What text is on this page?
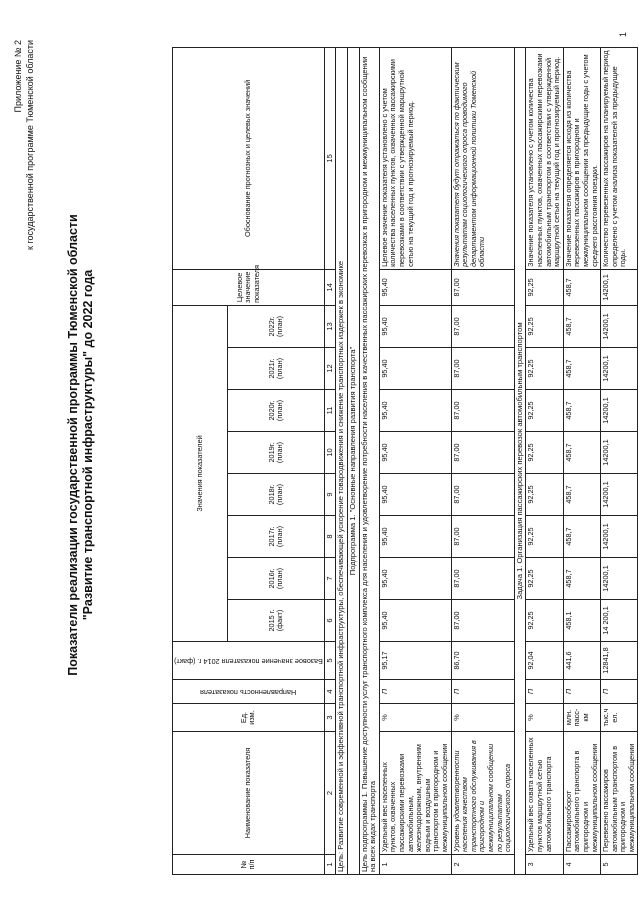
Приложение № 2 к государственной программе Тюменской области
Показатели реализации государственной программы Тюменской области "Развитие транспортной инфраструктуры" до 2022 года
№ п/п	Наименование показателя	Ед. изм.	Направленность показателя	Базовое значение показателя 2014 г. (факт)	Значения показателей								Целевое значение показателя	Обоснование прогнозных и целевых значений
					2015 г. (факт)	2016г. (план)	2017г. (план)	2018г. (план)	2019г. (план)	2020г. (план)	2021г. (план)	2022г. (план)		
1	2	3	4	5	6	7	8	9	10	11	12	13	14	15
Цель: Развитие современной и эффективной транспортной инфраструктуры, обеспечивающей ускорение товародвижения и снижение транспортных издержек в экономике														
Подпрограмма 1. "Основные направления развития транспорта"														
Цель подпрограммы 1. Повышение доступности услуг транспортного комплекса для населения и удовлетворение потребности населения в качественных пассажирских перевозках в пригородном и межмуниципальном сообщении на всех видах транспорта														
1	Удельный вес населенных пунктов, охваченных пассажирскими перевозками автомобильным, железнодорожным, внутренним водным и воздушным транспортом в пригородном и межмуниципальном сообщении	%	П	95,17	95,40	95,40	95,40	95,40	95,40	95,40	95,40	95,40	95,40	Целевое значение показателя установлено с учетом количества населенных пунктов, охваченных пассажирскими перевозками в соответствии с утвержденной маршрутной сетью на текущий год и прогнозируемый период.
2	Уровень удовлетворенности населения качеством транспортного обслуживания в пригородном и межмуниципальном сообщении по результатам социологического опроса	%	П	86,70	87,00	87,00	87,00	87,00	87,00	87,00	87,00	87,00	87,00	Значения показателя будут отражаться по фактическим результатам социологического опроса проводимого департаментом информационной политики Тюменской области
Задача 1. Организация пассажирских перевозок автомобильным транспортом														
3	Удельный вес охвата населенных пунктов маршрутной сетью автомобильного транспорта	%	П	92,04	92,25	92,25	92,25	92,25	92,25	92,25	92,25	92,25	92,25	Значение показателя установлено с учетом количества населенных пунктов, охваченных пассажирскими перевозками автомобильным транспортом в соответствии с утвержденной маршрутной сетью на текущий год и прогнозируемый период.
4	Пассажирооборот автомобильного транспорта в пригородном и межмуниципальном сообщении	млн. пасс-км	П	441,6	458,1	458,7	458,7	458,7	458,7	458,7	458,7	458,7	458,7	Значение показателя определяется исходя из количества перевезенных пассажиров в пригородном и межмуниципальном сообщении за предыдущие годы с учетом среднего расстояния поездки.
5	Перевезено пассажиров автомобильным транспортом в пригородном и межмуниципальном сообщении	тыс.ч ел.	П	12841,8	14 200,1	14200,1	14200,1	14200,1	14200,1	14200,1	14200,1	14200,1	14200,1	Количество перевезенных пассажиров на планируемый период определено с учетом анализа показателей за предыдущие годы.
1
